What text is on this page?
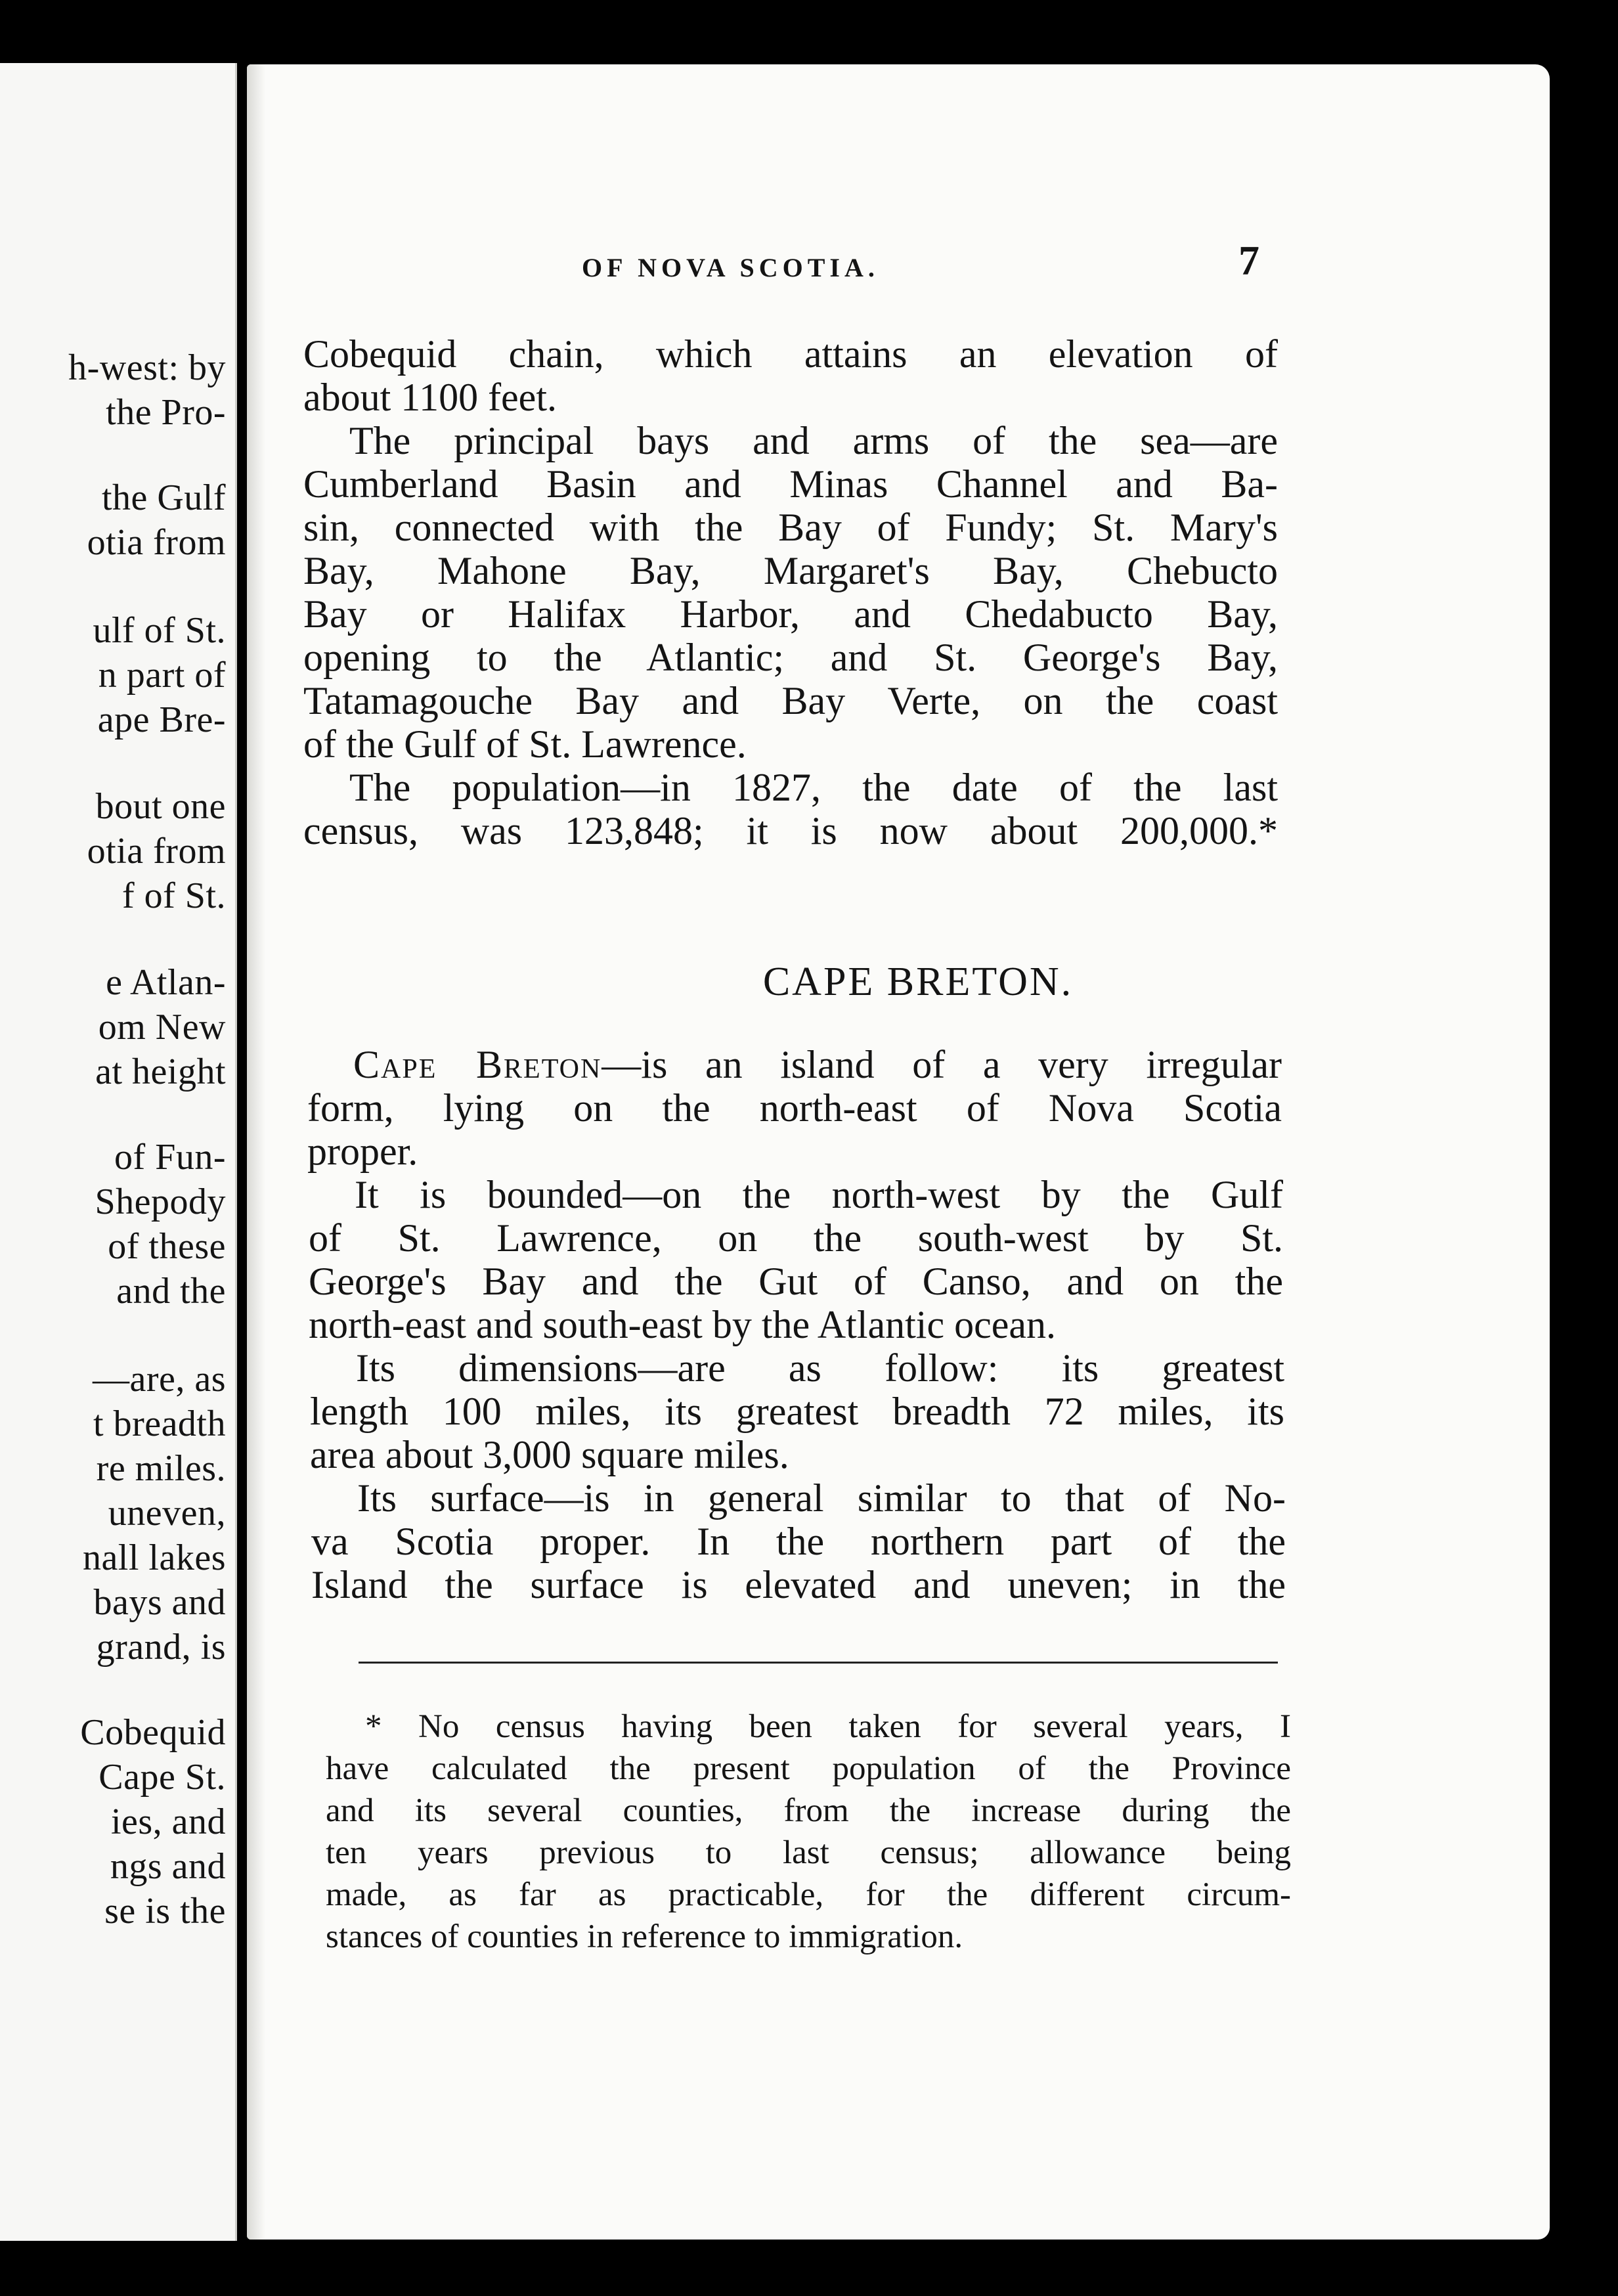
h-west: by
the Pro-
the Gulf
otia from
ulf of St.
n part of
ape Bre-
bout one
otia from
f of St.
e Atlan-
om New
at height
of Fun-
Shepody
of these
and the
—are, as
t breadth
re miles.
uneven,
nall lakes
bays and
grand, is
Cobequid
Cape St.
ies, and
ngs and
se is the
OF NOVA SCOTIA.	7
Cobequid chain, which attains an elevation of
about 1100 feet.
The principal bays and arms of the sea—are
Cumberland Basin and Minas Channel and Ba-
sin, connected with the Bay of Fundy; St. Mary's
Bay, Mahone Bay, Margaret's Bay, Chebucto
Bay or Halifax Harbor, and Chedabucto Bay,
opening to the Atlantic; and St. George's Bay,
Tatamagouche Bay and Bay Verte, on the coast
of the Gulf of St. Lawrence.
The population—in 1827, the date of the last
census, was 123,848; it is now about 200,000.*
CAPE BRETON.
Cape Breton—is an island of a very irregular
form, lying on the north-east of Nova Scotia
proper.
It is bounded—on the north-west by the Gulf
of St. Lawrence, on the south-west by St.
George's Bay and the Gut of Canso, and on the
north-east and south-east by the Atlantic ocean.
Its dimensions—are as follow: its greatest
length 100 miles, its greatest breadth 72 miles, its
area about 3,000 square miles.
Its surface—is in general similar to that of No-
va Scotia proper. In the northern part of the
Island the surface is elevated and uneven; in the
* No census having been taken for several years, I
have calculated the present population of the Province
and its several counties, from the increase during the
ten years previous to last census; allowance being
made, as far as practicable, for the different circum-
stances of counties in reference to immigration.
